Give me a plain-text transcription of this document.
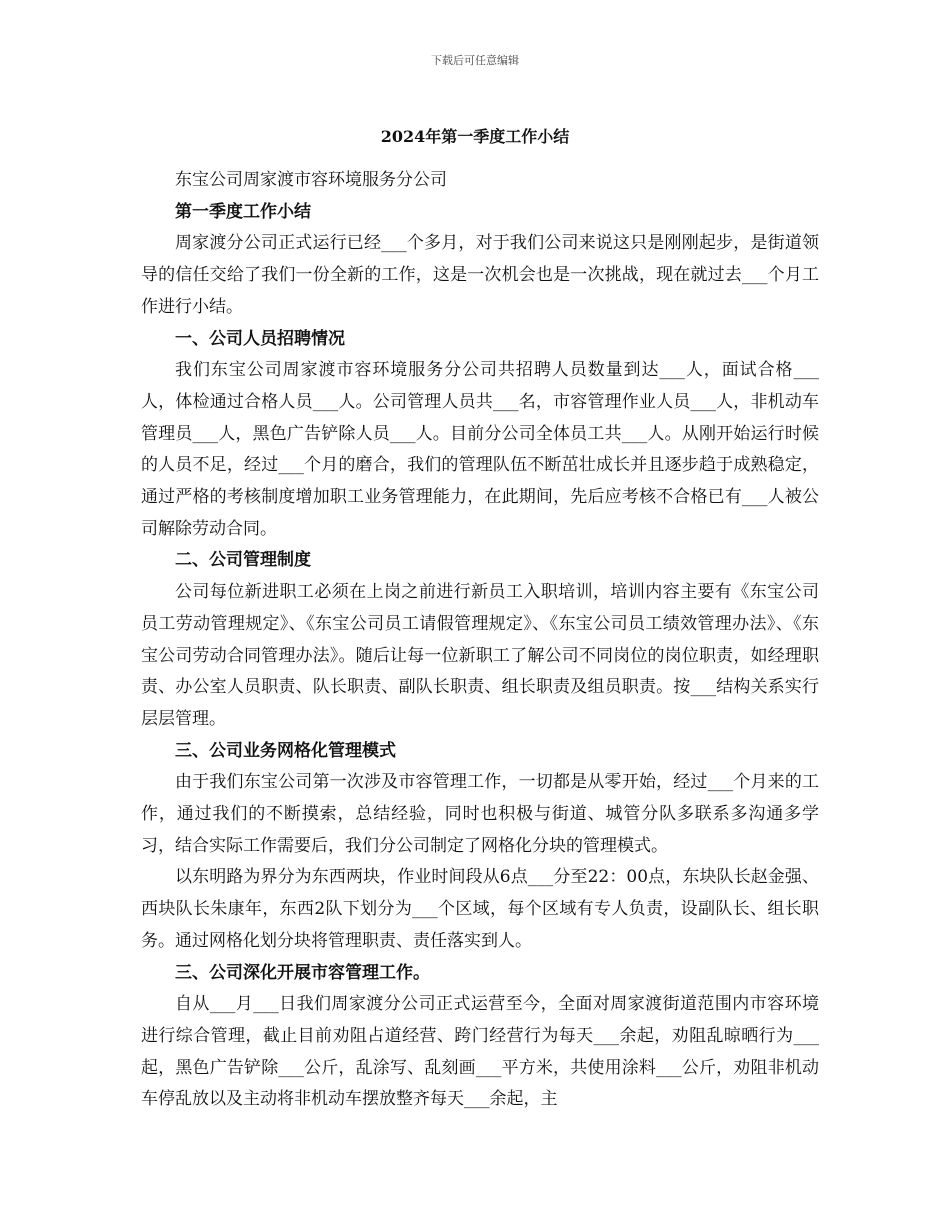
下载后可任意编辑
2024年第一季度工作小结

东宝公司周家渡市容环境服务分公司

第一季度工作小结

周家渡分公司正式运行已经___个多月，对于我们公司来说这只是刚刚起步，是街道领导的信任交给了我们一份全新的工作，这是一次机会也是一次挑战，现在就过去___个月工作进行小结。

一、公司人员招聘情况

我们东宝公司周家渡市容环境服务分公司共招聘人员数量到达___人，面试合格___人，体检通过合格人员___人。公司管理人员共___名，市容管理作业人员___人，非机动车管理员___人，黑色广告铲除人员___人。目前分公司全体员工共___人。从刚开始运行时候的人员不足，经过___个月的磨合，我们的管理队伍不断茁壮成长并且逐步趋于成熟稳定，通过严格的考核制度增加职工业务管理能力，在此期间，先后应考核不合格已有___人被公司解除劳动合同。

二、公司管理制度

公司每位新进职工必须在上岗之前进行新员工入职培训，培训内容主要有《东宝公司员工劳动管理规定》、《东宝公司员工请假管理规定》、《东宝公司员工绩效管理办法》、《东宝公司劳动合同管理办法》。随后让每一位新职工了解公司不同岗位的岗位职责，如经理职责、办公室人员职责、队长职责、副队长职责、组长职责及组员职责。按___结构关系实行层层管理。

三、公司业务网格化管理模式

由于我们东宝公司第一次涉及市容管理工作，一切都是从零开始，经过___个月来的工作，通过我们的不断摸索，总结经验，同时也积极与街道、城管分队多联系多沟通多学习，结合实际工作需要后，我们分公司制定了网格化分块的管理模式。

以东明路为界分为东西两块，作业时间段从6点___分至22：00点，东块队长赵金强、西块队长朱康年，东西2队下划分为___个区域，每个区域有专人负责，设副队长、组长职务。通过网格化划分块将管理职责、责任落实到人。

三、公司深化开展市容管理工作。

自从___月___日我们周家渡分公司正式运营至今，全面对周家渡街道范围内市容环境进行综合管理，截止目前劝阻占道经营、跨门经营行为每天___余起，劝阻乱晾晒行为___起，黑色广告铲除___公斤，乱涂写、乱刻画___平方米，共使用涂料___公斤，劝阻非机动车停乱放以及主动将非机动车摆放整齐每天___余起，主
